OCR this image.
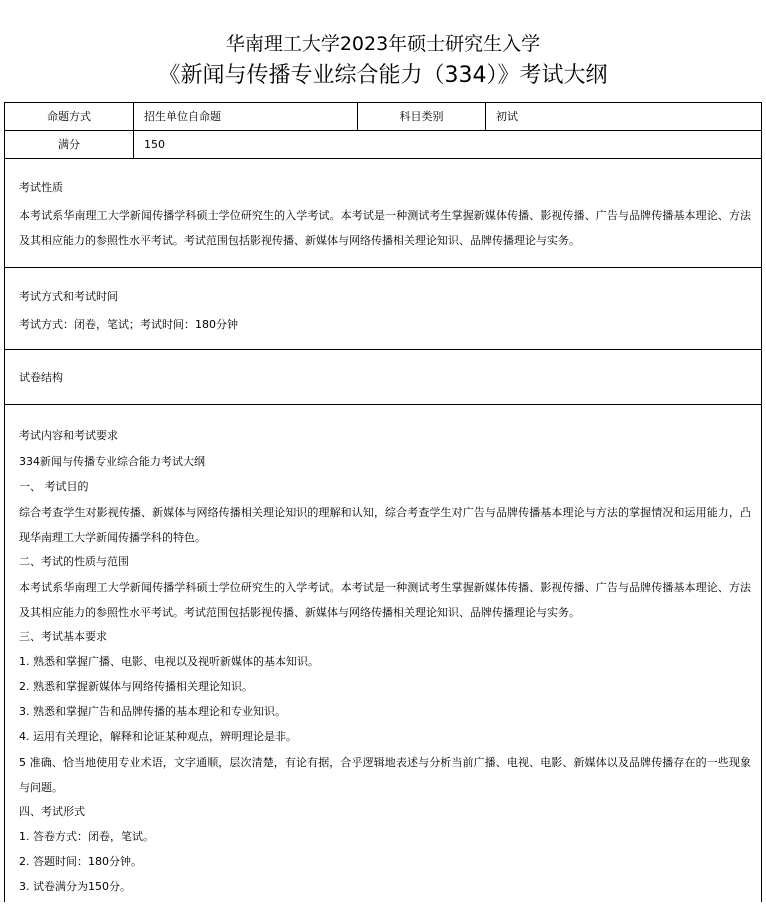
华南理工大学2023年硕士研究生入学
《新闻与传播专业综合能力（334）》考试大纲
命题方式	招生单位自命题	科目类别	初试
满分	150
考试性质
本考试系华南理工大学新闻传播学科硕士学位研究生的入学考试。本考试是一种测试考生掌握新媒体传播、影视传播、广告与品牌传播基本理论、方法及其相应能力的参照性水平考试。考试范围包括影视传播、新媒体与网络传播相关理论知识、品牌传播理论与实务。
考试方式和考试时间
考试方式：闭卷，笔试；考试时间：180分钟
试卷结构
考试内容和考试要求
334新闻与传播专业综合能力考试大纲
一、 考试目的
综合考查学生对影视传播、新媒体与网络传播相关理论知识的理解和认知，综合考查学生对广告与品牌传播基本理论与方法的掌握情况和运用能力，凸现华南理工大学新闻传播学科的特色。
二、考试的性质与范围
本考试系华南理工大学新闻传播学科硕士学位研究生的入学考试。本考试是一种测试考生掌握新媒体传播、影视传播、广告与品牌传播基本理论、方法及其相应能力的参照性水平考试。考试范围包括影视传播、新媒体与网络传播相关理论知识、品牌传播理论与实务。
三、考试基本要求
1. 熟悉和掌握广播、电影、电视以及视听新媒体的基本知识。
2. 熟悉和掌握新媒体与网络传播相关理论知识。
3. 熟悉和掌握广告和品牌传播的基本理论和专业知识。
4. 运用有关理论，解释和论证某种观点，辨明理论是非。
5 准确、恰当地使用专业术语，文字通顺，层次清楚，有论有据，合乎逻辑地表述与分析当前广播、电视、电影、新媒体以及品牌传播存在的一些现象与问题。
四、考试形式
1. 答卷方式：闭卷，笔试。
2. 答题时间：180分钟。
3. 试卷满分为150分。
